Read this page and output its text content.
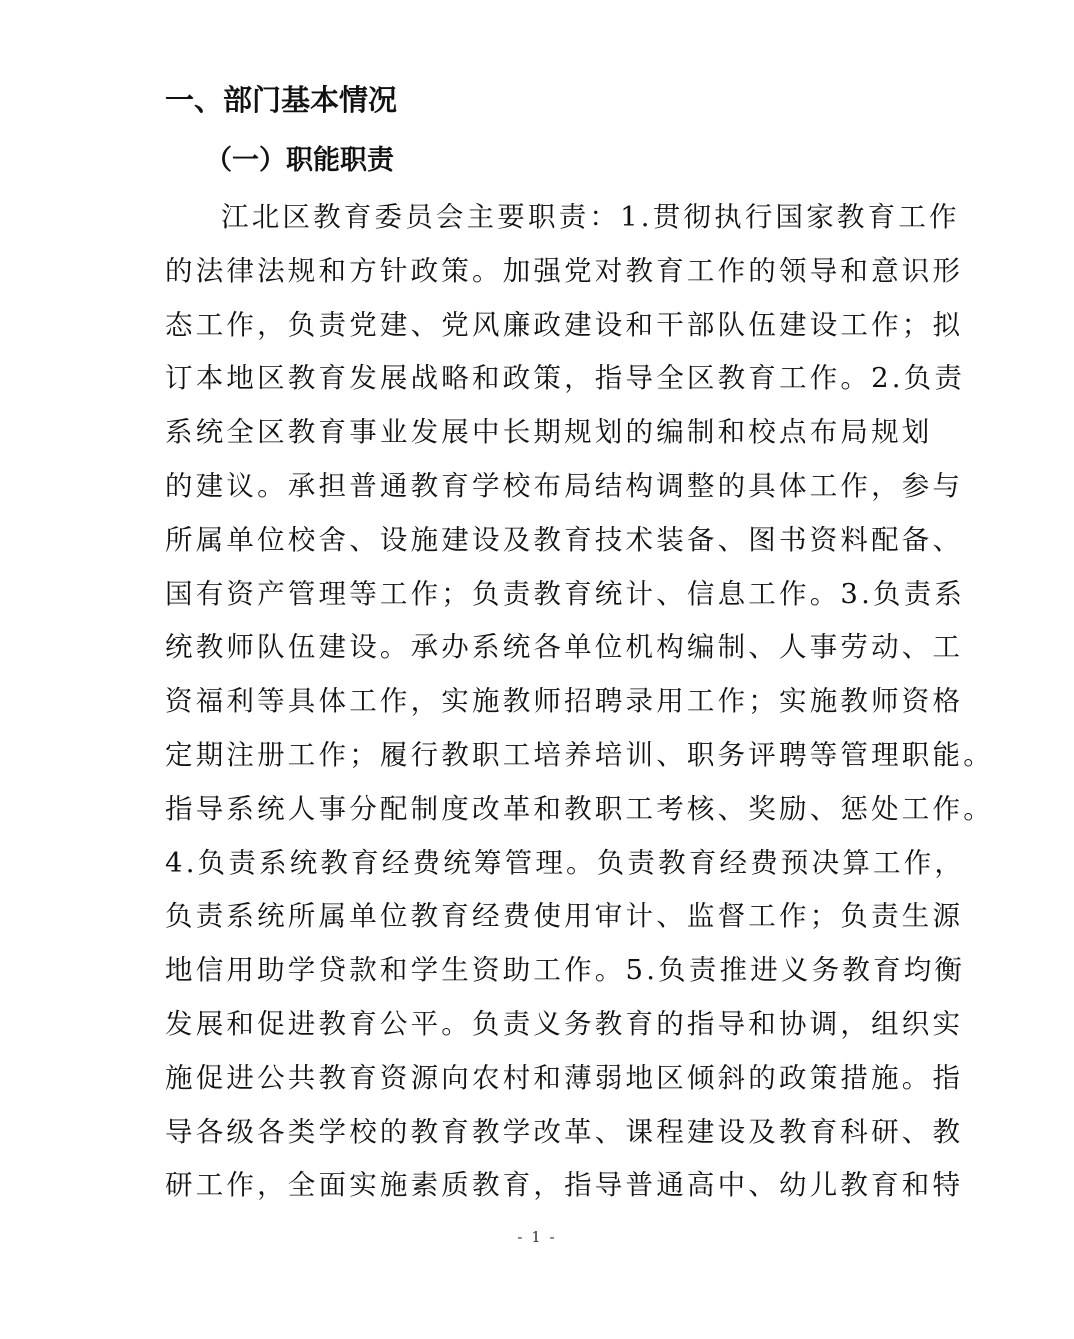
一、部门基本情况
（一）职能职责
江北区教育委员会主要职责：1.贯彻执行国家教育工作
的法律法规和方针政策。加强党对教育工作的领导和意识形
态工作，负责党建、党风廉政建设和干部队伍建设工作；拟
订本地区教育发展战略和政策，指导全区教育工作。2.负责
系统全区教育事业发展中长期规划的编制和校点布局规划
的建议。承担普通教育学校布局结构调整的具体工作，参与
所属单位校舍、设施建设及教育技术装备、图书资料配备、
国有资产管理等工作；负责教育统计、信息工作。3.负责系
统教师队伍建设。承办系统各单位机构编制、人事劳动、工
资福利等具体工作，实施教师招聘录用工作；实施教师资格
定期注册工作；履行教职工培养培训、职务评聘等管理职能。
指导系统人事分配制度改革和教职工考核、奖励、惩处工作。
4.负责系统教育经费统筹管理。负责教育经费预决算工作，
负责系统所属单位教育经费使用审计、监督工作；负责生源
地信用助学贷款和学生资助工作。5.负责推进义务教育均衡
发展和促进教育公平。负责义务教育的指导和协调，组织实
施促进公共教育资源向农村和薄弱地区倾斜的政策措施。指
导各级各类学校的教育教学改革、课程建设及教育科研、教
研工作，全面实施素质教育，指导普通高中、幼儿教育和特
- 1 -
